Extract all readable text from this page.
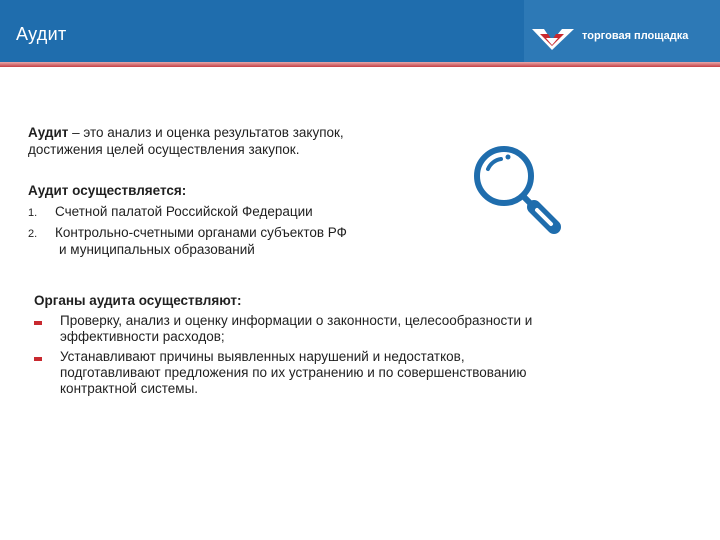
Аудит	торговая площадка
Аудит – это анализ и оценка результатов закупок,
достижения целей осуществления закупок.
Аудит осуществляется:
1. Счетной палатой Российской Федерации
2. Контрольно-счетными органами субъектов РФ
и муниципальных образований
Органы аудита осуществляют:
Проверку, анализ и оценку информации о законности, целесообразности и
эффективности расходов;
Устанавливают причины выявленных нарушений и недостатков,
подготавливают предложения по их устранению и по совершенствованию
контрактной системы.
